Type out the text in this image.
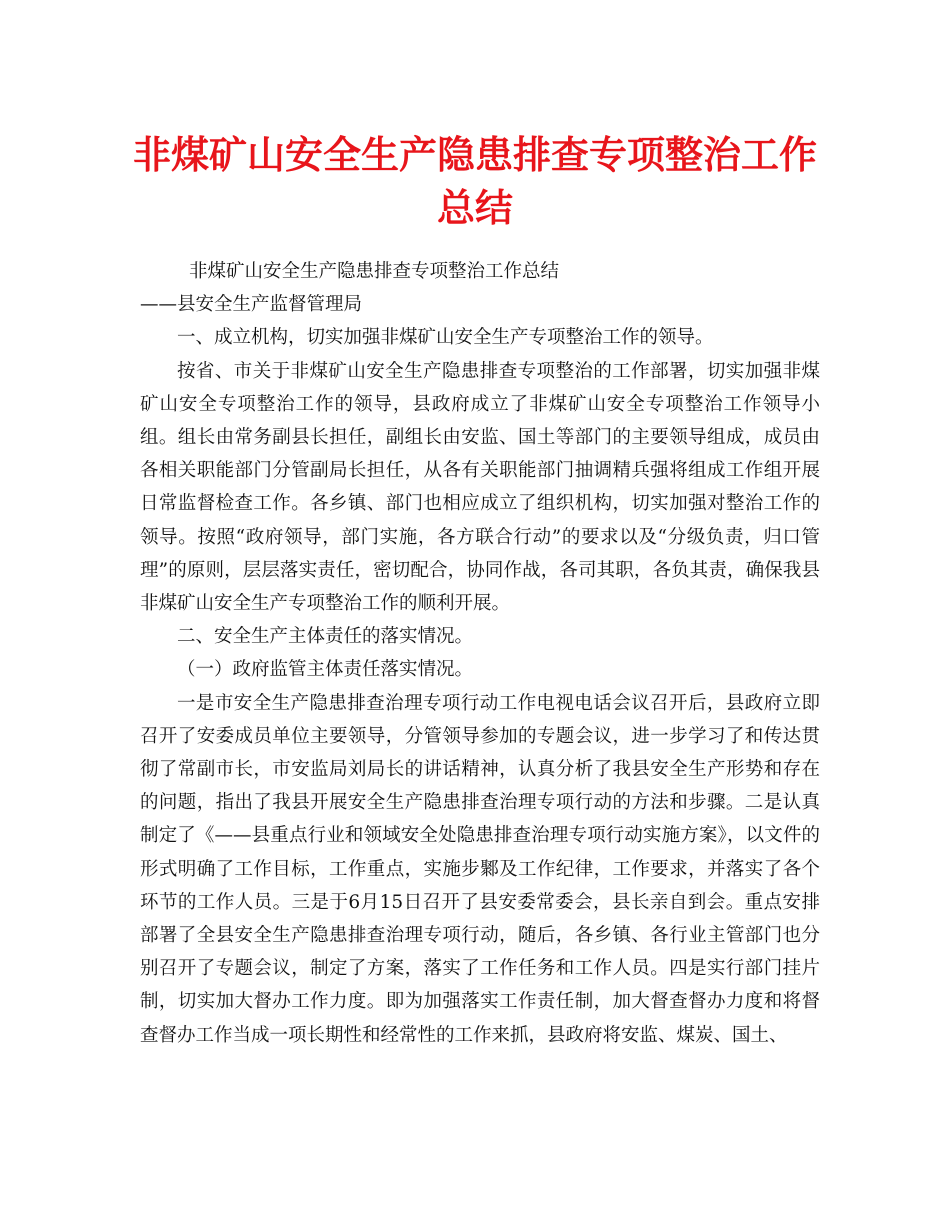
非煤矿山安全生产隐患排查专项整治工作总结

非煤矿山安全生产隐患排查专项整治工作总结

——县安全生产监督管理局

一、成立机构，切实加强非煤矿山安全生产专项整治工作的领导。

按省、市关于非煤矿山安全生产隐患排查专项整治的工作部署，切实加强非煤矿山安全专项整治工作的领导，县政府成立了非煤矿山安全专项整治工作领导小组。组长由常务副县长担任，副组长由安监、国土等部门的主要领导组成，成员由各相关职能部门分管副局长担任，从各有关职能部门抽调精兵强将组成工作组开展日常监督检查工作。各乡镇、部门也相应成立了组织机构，切实加强对整治工作的领导。按照“政府领导，部门实施，各方联合行动”的要求以及“分级负责，归口管理”的原则，层层落实责任，密切配合，协同作战，各司其职，各负其责，确保我县非煤矿山安全生产专项整治工作的顺利开展。

二、安全生产主体责任的落实情况。

（一）政府监管主体责任落实情况。

一是市安全生产隐患排查治理专项行动工作电视电话会议召开后，县政府立即召开了安委成员单位主要领导，分管领导参加的专题会议，进一步学习了和传达贯彻了常副市长，市安监局刘局长的讲话精神，认真分析了我县安全生产形势和存在的问题，指出了我县开展安全生产隐患排查治理专项行动的方法和步骤。二是认真制定了《——县重点行业和领域安全处隐患排查治理专项行动实施方案》，以文件的形式明确了工作目标，工作重点，实施步鄹及工作纪律，工作要求，并落实了各个环节的工作人员。三是于6月15日召开了县安委常委会，县长亲自到会。重点安排部署了全县安全生产隐患排查治理专项行动，随后，各乡镇、各行业主管部门也分别召开了专题会议，制定了方案，落实了工作任务和工作人员。四是实行部门挂片制，切实加大督办工作力度。即为加强落实工作责任制，加大督查督办力度和将督查督办工作当成一项长期性和经常性的工作来抓，县政府将安监、煤炭、国土、
